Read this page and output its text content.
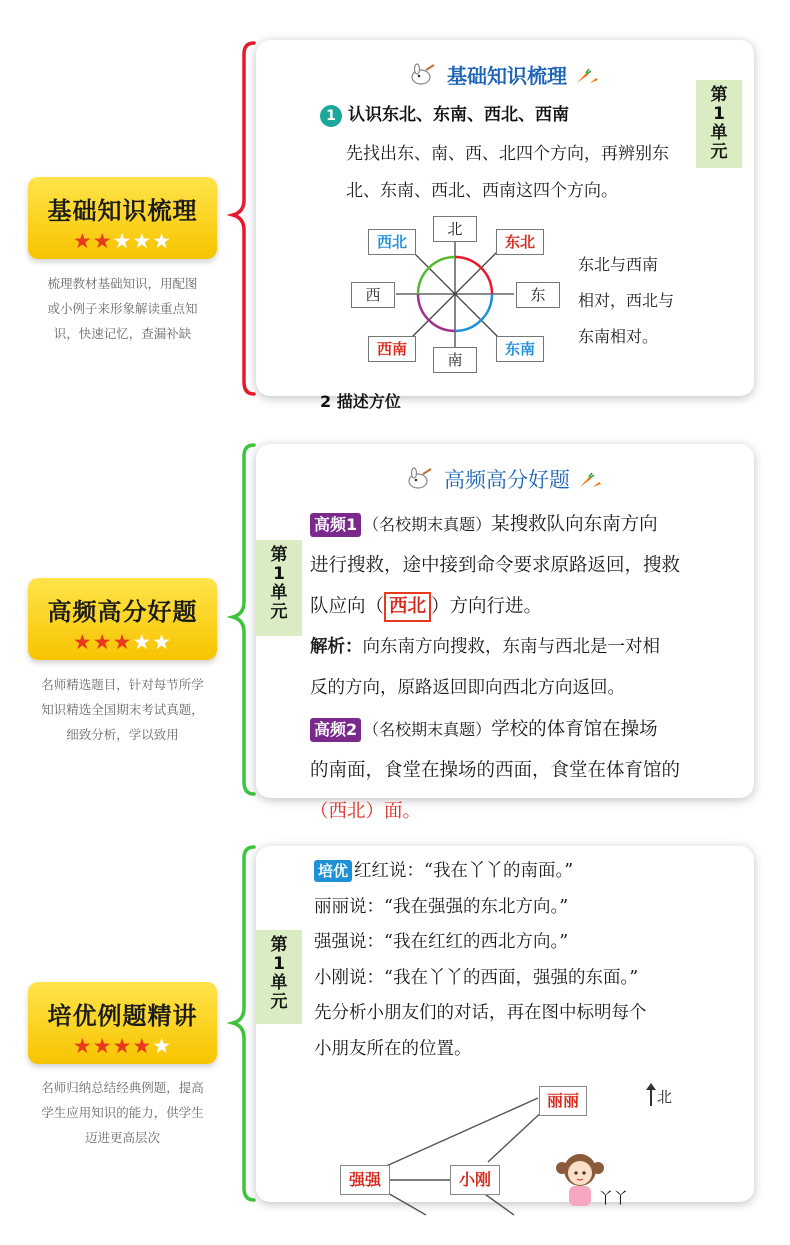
基础知识梳理
★★★★★
梳理教材基础知识，用配图
或小例子来形象解读重点知
识，快速记忆，查漏补缺
基础知识梳理
第
1
单
元
1 认识东北、东南、西北、西南
先找出东、南、西、北四个方向，再辨别东
北、东南、西北、西南这四个方向。
北
南
西	东
西北	东北
西南	东南
东北与西南
相对，西北与
东南相对。
2 描述方位
高频高分好题
★★★★★
名师精选题目，针对每节所学
知识精选全国期末考试真题，
细致分析，学以致用
高频高分好题
第
1
单
元
高频1 （名校期末真题）某搜救队向东南方向
进行搜救，途中接到命令要求原路返回，搜救
队应向（ 西北 ）方向行进。
解析：向东南方向搜救，东南与西北是一对相
反的方向，原路返回即向西北方向返回。
高频2 （名校期末真题）学校的体育馆在操场
的南面，食堂在操场的西面，食堂在体育馆的
（西北）面。
培优例题精讲
★★★★★
名师归纳总结经典例题，提高
学生应用知识的能力，供学生
迈进更高层次
第
1
单
元
培优 红红说：“我在丫丫的南面。”
丽丽说：“我在强强的东北方向。”
强强说：“我在红红的西北方向。”
小刚说：“我在丫丫的西面，强强的东面。”
先分析小朋友们的对话，再在图中标明每个
小朋友所在的位置。
丽丽
强强	小刚
北
丫丫
